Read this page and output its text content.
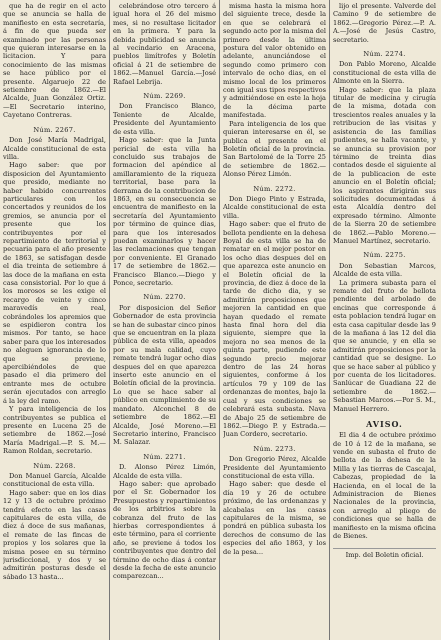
que ha de regir en el acto que se anuncia se halla de manifiesto en esta secretaría, á fin de que pueda ser examinado por las personas que quieran interesarse en la licitacion. Y para conocimiento de las mismas se hace público por el presente. Algaruejo 22 de setiembre de 1862.—El Alcalde, Juan González Ortiz.—El Secretario interino, Cayetano Contreras.

Núm. 2267.

Don José María Madrigal, Alcalde constitucional de esta villa.

Hago saber: que por disposicion del Ayuntamiento que presido, mediante no haber habido concurrentes particulares con los concertados y reunidos de los gremios, se anuncia por el presente que los contribuyentes por el repartimiento de territorial y pecuaria para el año presente de 1863, se satisfagan desde el dia treinta de setiembre á las doce de la mañana en esta casa consistorial. Por lo que á los morosos se les exige el recargo de veinte y cinco maravedís en real, cobrándoles los apremios que se espidieron contra los mismos. Por tanto, se hace saber para que los interesados no aleguen ignorancia de lo que se previene, apercibiéndoles de que pasado el dia primero del entrante mes de octubre serán ejecutados con arreglo á la ley del ramo.

Y para inteligencia de los contribuyentes se publica el presente en Lucena 25 de setiembre de 1862.—José María Madrigal.—P. S. M.—Ramon Roldan, secretario.

Núm. 2268.

Don Manuel García, Alcalde constitucional de esta villa.

Hago saber: que en los dias 12 y 13 de octubre próximo tendrá efecto en las casas capitulares de esta villa, de diez á doce de sus mañanas, el remate de las fincas de propios y los solares que la misma posee en su término jurisdiccional, y dos y se admitirán posturas desde el sábado 13 hasta...

celebrándose otro tercero á igual hora el 26 del mismo mes, si no resultase licitador en la primera. Y para la debida publicidad se anuncia al vecindario en Aracena, pueblos limítrofes y Boletín oficial á 21 de setiembre de 1862.—Manuel García.—José Rafael Lebrija.

Núm. 2269.

Don Francisco Blanco, Teniente de Alcalde, Presidente del Ayuntamiento de esta villa.

Hago saber: que la Junta pericial de esta villa ha concluido sus trabajos de formacion del apéndice al amillaramiento de la riqueza territorial, base para la derrama de la contribucion de 1863, en su consecuencia se encuentra de manifiesto en la secretaría del Ayuntamiento por término de quince dias, para que los interesados puedan examinarlos y hacer las reclamaciones que tengan por conveniente. El Granado 17 de setiembre de 1862.—Francisco Blanco.—Diego y Ponce, secretario.

Núm. 2270.

Por disposicion del Señor Gobernador de esta provincia se han de subastar cinco pinos que se encuentran en la plaza pública de esta villa, apeados por su mala calidad, cuyo remate tendrá lugar ocho dias despues del en que aparezca inserto este anuncio en el Boletín oficial de la provincia. Lo que se hace saber al público en cumplimiento de su mandato. Alconchel 8 de setiembre de 1862.—El Alcalde, José Moreno.—El Secretario interino, Francisco M. Salazar.

Núm. 2271.

D. Alonso Pérez Limón, Alcalde de esta villa.

Hago saber: que aprobado por el Sr. Gobernador los Presupuestos y repartimientos de los arbitrios sobre la cobranza del fruto de las hierbas correspondientes á este término, para el corriente año, se previene á todos los contribuyentes que dentro del término de ocho dias á contar desde la fecha de este anuncio comparezcan...

misma hasta la misma hora del siguiente trece, desde la en que se celebrará el segundo acto por la misma del primero desde la última postura del valor obtenido en adelante, anunciándose el segundo como primero con intervalo de ocho dias, en el mismo local de los primeros con igual sus tipos respectivos y admitiéndose en este la hoja de la décima parte manifestada.

Para inteligencia de los que quieran interesarse en él, se publica el presente en el Boletín oficial de la provincia. San Bartolomé de la Torre 25 de setiembre de 1862.—Alonso Pérez Limón.

Núm. 2272.

Don Diego Pinto y Estrada, Alcalde constitucional de esta villa.

Hago saber: que el fruto de bellota pendiente en la dehesa Boyal de esta villa se ha de rematar en el mejor postor en los ocho dias despues del en que aparezca este anuncio en el Boletín oficial de la provincia, de diez á doce de la tarde de dicho dia, y se admitirán proposiciones que mejoren la cantidad en que hayan quedado el remate hasta final hora del dia siguiente, siempre que la mejora no sea menos de la quinta parte, pudiendo este segundo precio mejorar dentro de las 24 horas siguientes, conforme á los artículos 79 y 109 de las ordenanzas de montes, bajo la cual y sus condiciones se celebrará esta subasta. Nava de Abajo 25 de setiembre de 1862.—Diego P. y Estrada.—Juan Cordero, secretario.

Núm. 2273.

Don Gregorio Pérez, Alcalde Presidente del Ayuntamiento constitucional de esta villa.

Hago saber: que desde el día 19 y 26 de octubre próximo, de las ordenanzas y alcabalas en las casas capitulares de la misma, se pondrá en pública subasta los derechos de consumo de las especies del año 1863, y los de la pesa...

lijo el presente. Valverde del Camino 9 de setiembre de 1862.—Gregorio Pérez.—P. A. A.—José de Jesús Castro, secretario.

Núm. 2274.

Don Pablo Moreno, Alcalde constitucional de esta villa de Almonte en la Sierra.

Hago saber: que la plaza titular de medicina y cirugía de la misma, dotada con trescientos reales anuales y la retribucion de las visitas y asistencia de las familias pudientes, se halla vacante, y se anuncia su provision por término de treinta dias contados desde el siguiente al de la publicacion de este anuncio en el Boletín oficial; los aspirantes dirigirán sus solicitudes documentadas á esta Alcaldía dentro del expresado término. Almonte de la Sierra 20 de setiembre de 1862.—Pablo Moreno.—Manuel Martínez, secretario.

Núm. 2275.

Don Sebastian Marcos, Alcalde de esta villa.

La primera subasta para el remate del fruto de bellota pendiente del arbolado de encinas que corresponde á esta poblacion tendrá lugar en esta casa capitular desde las 9 de la mañana á las 12 del dia que se anuncie, y en ella se admitirán proposiciones por la cantidad que se designe. Lo que se hace saber al público y por cuenta de los licitadores. Sanlúcar de Guadiana 22 de setiembre de 1862.—Sebastian Marcos.—Por S. M., Manuel Herrero.

AVISO.

El dia 4 de octubre próximo de 10 á 12 de la mañana, se vende en subasta el fruto de bellota de la dehesa de la Milla y las tierras de Cascajal, Cabezas, propiedad de la Hacienda, en el local de la Administracion de Bienes Nacionales de la provincia, con arreglo al pliego de condiciones que se halla de manifiesto en la misma oficina de Bienes.

Imp. del Boletin oficial.
